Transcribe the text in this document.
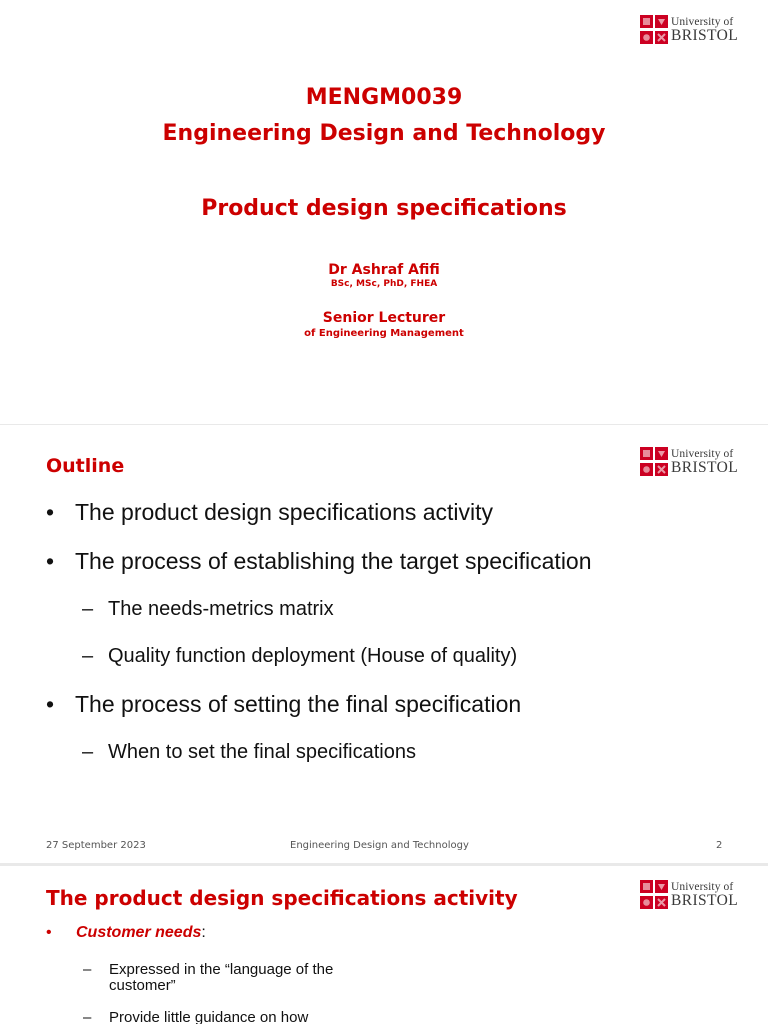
University of
BRISTOL
MENGM0039
Engineering Design and Technology
Product design specifications
Dr Ashraf Afifi
BSc, MSc, PhD, FHEA
Senior Lecturer
of Engineering Management
University of
BRISTOL
Outline
• The product design specifications activity
• The process of establishing the target specification
– The needs-metrics matrix
– Quality function deployment (House of quality)
• The process of setting the final specification
– When to set the final specifications
27 September 2023	Engineering Design and Technology	2
University of
BRISTOL
The product design specifications activity
• Customer needs:
– Expressed in the “language of the customer”
– Provide little guidance on how
